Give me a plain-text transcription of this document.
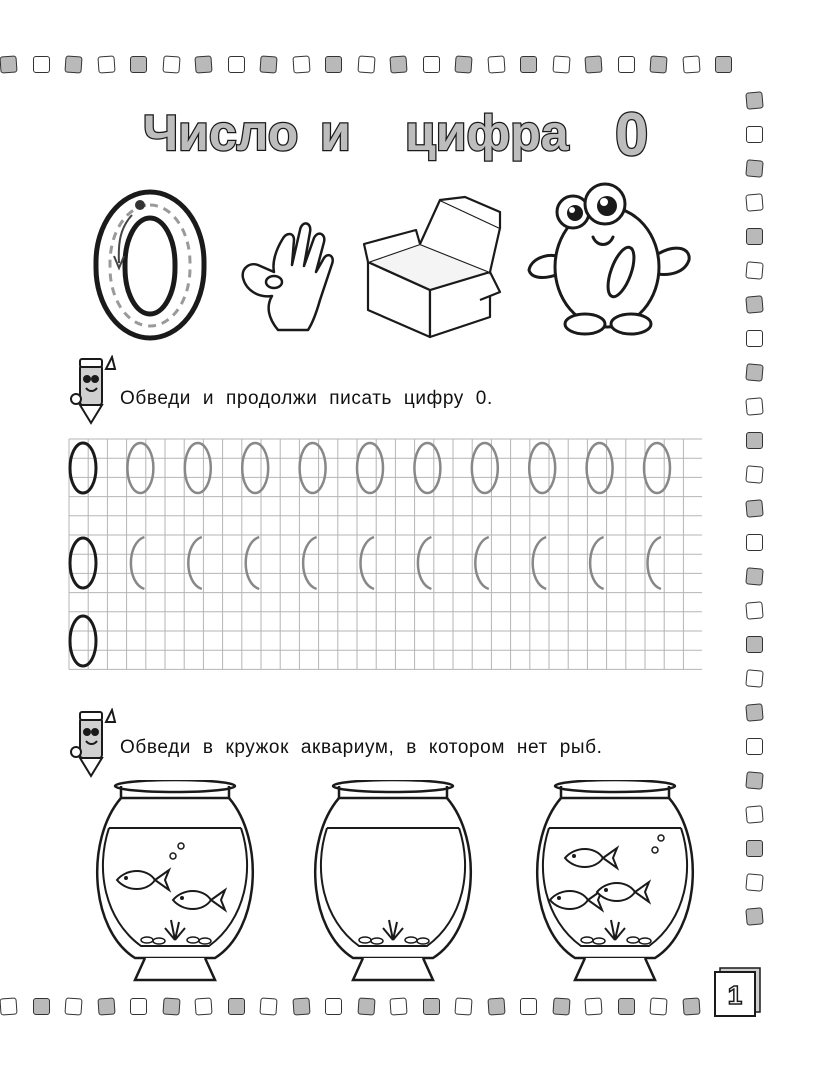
Число и цифра 0
Обведи и продолжи писать цифру 0.
Обведи в кружок аквариум, в котором нет рыб.
1
